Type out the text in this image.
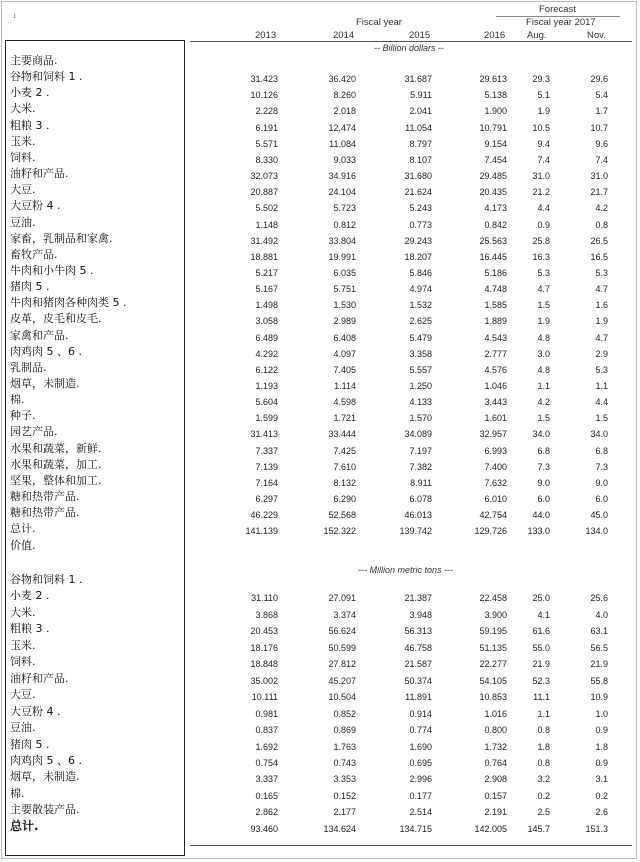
.i
Forecast
Fiscal year	Fiscal year 2017
2013	2014	2015	2016 Aug.	Nov.
-- Billion dollars --
--- Million metric tons ---
主要商品.
谷物和饲料 1 .	31.423	36.420	31.687	29.613	29.3	29.6
小麦 2 .	10.126	8.260	5.911	5.138	5.1	5.4
大米.	2.228	2.018	2.041	1.900	1.9	1.7
粗粮 3 .	6.191	12.474	11.054	10.791	10.5	10.7
玉米.	5.571	11.084	8.797	9.154	9.4	9.6
饲料.	8.330	9.033	8.107	7.454	7.4	7.4
油籽和产品.	32.073	34.916	31.680	29.485	31.0	31.0
大豆.	20.887	24.104	21.624	20.435	21.2	21.7
大豆粉 4 .	5.502	5.723	5.243	4.173	4.4	4.2
豆油.	1.148	0.812	0.773	0.842	0.9	0.8
家畜，乳制品和家禽.	31.492	33.804	29.243	25.563	25.8	26.5
畜牧产品.	18.881	19.991	18.207	16.445	16.3	16.5
牛肉和小牛肉 5 .	5.217	6.035	5.846	5.186	5.3	5.3
猪肉 5 .	5.167	5.751	4.974	4.748	4.7	4.7
牛肉和猪肉各种肉类 5 .	1.498	1.530	1.532	1.585	1.5	1.6
皮革，皮毛和皮毛.	3.058	2.989	2.625	1.889	1.9	1.9
家禽和产品.	6.489	6.408	5.479	4.543	4.8	4.7
肉鸡肉 5 、6 .	4.292	4.097	3.358	2.777	3.0	2.9
乳制品.	6.122	7.405	5.557	4.576	4.8	5.3
烟草，未制造.	1.193	1.114	1.250	1.046	1.1	1.1
棉.	5.604	4.598	4.133	3.443	4.2	4.4
种子.	1.599	1.721	1.570	1.601	1.5	1.5
园艺产品.	31.413	33.444	34.089	32.957	34.0	34.0
水果和蔬菜，新鲜.	7.337	7.425	7.197	6.993	6.8	6.8
水果和蔬菜，加工.	7.139	7.610	7.382	7.400	7.3	7.3
坚果，整体和加工.	7.164	8.132	8.911	7.632	9.0	9.0
糖和热带产品.	6.297	6.290	6.078	6.010	6.0	6.0
糖和热带产品.	46.229	52.568	46.013	42.754	44.0	45.0
总计.	141.139	152.322	139.742	129.726 133.0	134.0
价值.
谷物和饲料 1 .
小麦 2 .	31.110	27.091	21.387	22.458	25.0	25.6
大米.	3.868	3.374	3.948	3.900	4.1	4.0
粗粮 3 .	20.453	56.624	56.313	59.195	61.6	63.1
玉米.	18.176	50.599	46.758	51.135	55.0	56.5
饲料.	18.848	27.812	21.587	22.277	21.9	21.9
油籽和产品.	35.002	45.207	50.374	54.105	52.3	55.8
大豆.	10.111	10.504	11.891	10.853	11.1	10.9
大豆粉 4 .	0.981	0.852	0.914	1.016	1.1	1.0
豆油.	0.837	0.869	0.774	0.800	0.8	0.9
猪肉 5 .	1.692	1.763	1.690	1.732	1.8	1.8
肉鸡肉 5 、6 .	0.754	0.743	0.695	0.764	0.8	0.9
烟草，未制造.	3.337	3.353	2.996	2.908	3.2	3.1
棉.	0.165	0.152	0.177	0.157	0.2	0.2
主要散装产品.	2.862	2.177	2.514	2.191	2.5	2.6
总计.	93.460	134.624	134.715	142.005 145.7	151.3
